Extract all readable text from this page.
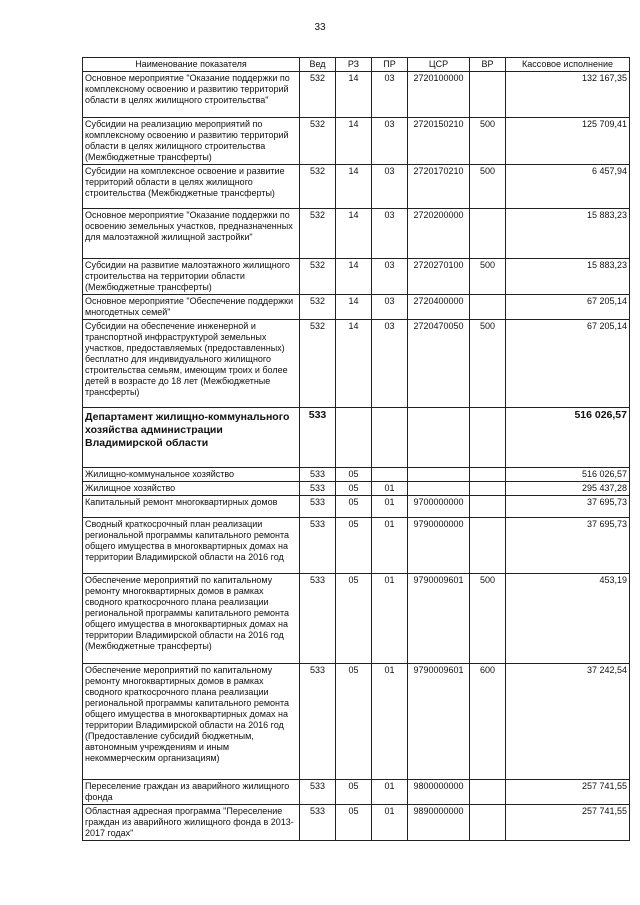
33
Наименование показателя	Вед	РЗ	ПР	ЦСР	ВР	Кассовое исполнение
Основное мероприятие "Оказание поддержки по комплексному освоению и развитию территорий области в целях жилищного строительства"	532	14	03	2720100000		132 167,35
Субсидии на реализацию мероприятий по комплексному освоению и развитию территорий области в целях жилищного строительства (Межбюджетные трансферты)	532	14	03	2720150210	500	125 709,41
Субсидии на комплексное освоение и развитие территорий области в целях жилищного строительства (Межбюджетные трансферты)	532	14	03	2720170210	500	6 457,94
Основное мероприятие "Оказание поддержки по освоению земельных участков, предназначенных для малоэтажной жилищной застройки"	532	14	03	2720200000		15 883,23
Субсидии на развитие малоэтажного жилищного строительства на территории области (Межбюджетные трансферты)	532	14	03	2720270100	500	15 883,23
Основное мероприятие "Обеспечение поддержки многодетных семей"	532	14	03	2720400000		67 205,14
Субсидии на обеспечение инженерной и транспортной инфраструктурой земельных участков, предоставляемых (предоставленных) бесплатно для индивидуального жилищного строительства семьям, имеющим троих и более детей в возрасте до 18 лет (Межбюджетные трансферты)	532	14	03	2720470050	500	67 205,14
Департамент жилищно-коммунального хозяйства администрации Владимирской области	533					516 026,57
Жилищно-коммунальное хозяйство	533	05				516 026,57
Жилищное хозяйство	533	05	01			295 437,28
Капитальный ремонт многоквартирных домов	533	05	01	9700000000		37 695,73
Сводный краткосрочный план реализации региональной программы капитального ремонта общего имущества в многоквартирных домах на территории Владимирской области на 2016 год	533	05	01	9790000000		37 695,73
Обеспечение мероприятий по капитальному ремонту многоквартирных домов в рамках сводного краткосрочного плана реализации региональной программы капитального ремонта общего имущества в многоквартирных домах на территории Владимирской области на 2016 год (Межбюджетные трансферты)	533	05	01	9790009601	500	453,19
Обеспечение мероприятий по капитальному ремонту многоквартирных домов в рамках сводного краткосрочного плана реализации региональной программы капитального ремонта общего имущества в многоквартирных домах на территории Владимирской области на 2016 год (Предоставление субсидий бюджетным, автономным учреждениям и иным некоммерческим организациям)	533	05	01	9790009601	600	37 242,54
Переселение граждан из аварийного жилищного фонда	533	05	01	9800000000		257 741,55
Областная адресная программа "Переселение граждан из аварийного жилищного фонда в 2013-2017 годах"	533	05	01	9890000000		257 741,55
